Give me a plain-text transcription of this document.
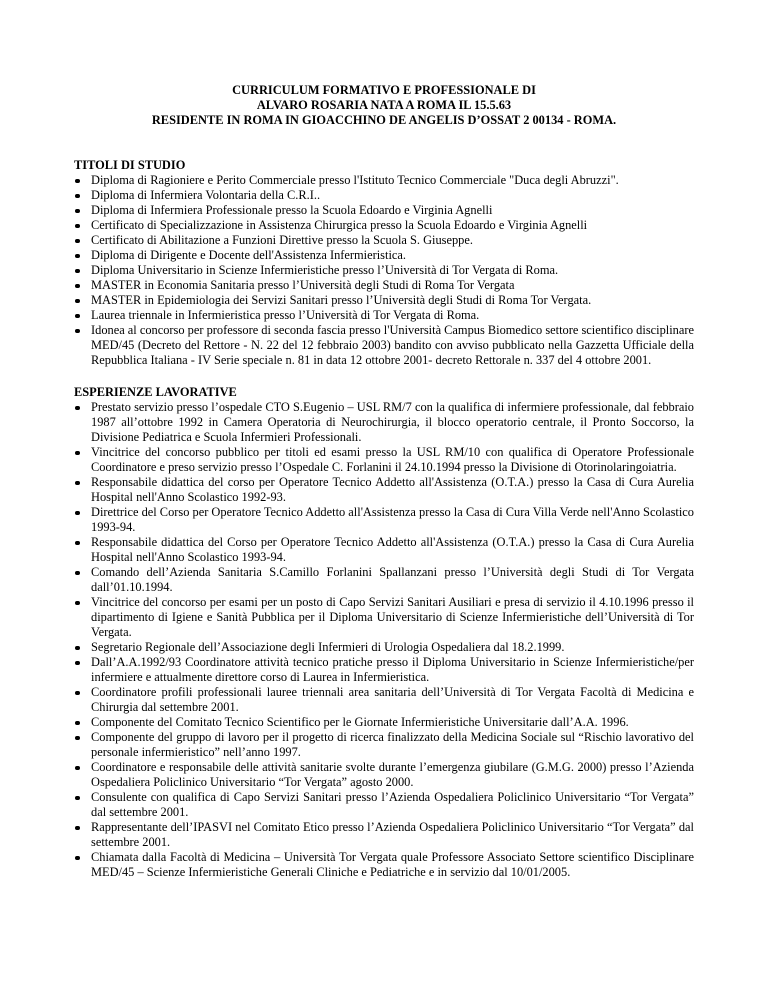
CURRICULUM FORMATIVO E PROFESSIONALE DI
ALVARO ROSARIA NATA A ROMA IL 15.5.63
RESIDENTE IN ROMA IN GIOACCHINO DE ANGELIS D’OSSAT 2 00134 - ROMA.
TITOLI DI STUDIO
Diploma di Ragioniere e Perito Commerciale presso l'Istituto Tecnico Commerciale "Duca degli Abruzzi".
Diploma di Infermiera Volontaria della C.R.I..
Diploma di Infermiera Professionale presso la Scuola Edoardo e Virginia Agnelli
Certificato di Specializzazione in Assistenza Chirurgica presso la Scuola Edoardo e Virginia Agnelli
Certificato di Abilitazione a Funzioni Direttive presso la Scuola S. Giuseppe.
Diploma di Dirigente e Docente dell'Assistenza Infermieristica.
Diploma Universitario in Scienze Infermieristiche presso l’Università di Tor Vergata di Roma.
MASTER in Economia Sanitaria presso l’Università degli Studi di Roma Tor Vergata
MASTER in Epidemiologia dei Servizi Sanitari presso l’Università degli Studi di Roma Tor Vergata.
Laurea triennale in Infermieristica presso l’Università di Tor Vergata di Roma.
Idonea al concorso per professore di seconda fascia presso l'Università Campus Biomedico settore scientifico disciplinare MED/45 (Decreto del Rettore - N. 22 del 12 febbraio 2003) bandito con avviso pubblicato nella Gazzetta Ufficiale della Repubblica Italiana - IV Serie speciale n. 81 in data 12 ottobre 2001- decreto Rettorale n. 337 del 4 ottobre 2001.
ESPERIENZE LAVORATIVE
Prestato servizio presso l’ospedale CTO S.Eugenio – USL RM/7 con la qualifica di infermiere professionale, dal febbraio 1987 all’ottobre 1992 in Camera Operatoria di Neurochirurgia, il blocco operatorio centrale, il Pronto Soccorso, la Divisione Pediatrica e Scuola Infermieri Professionali.
Vincitrice del concorso pubblico per titoli ed esami presso la USL RM/10 con qualifica di Operatore Professionale Coordinatore e preso servizio presso l’Ospedale C. Forlanini il 24.10.1994 presso la Divisione di Otorinolaringoiatria.
Responsabile didattica del corso per Operatore Tecnico Addetto all'Assistenza (O.T.A.) presso la Casa di Cura Aurelia Hospital nell'Anno Scolastico 1992-93.
Direttrice del Corso per Operatore Tecnico Addetto all'Assistenza presso la Casa di Cura Villa Verde nell'Anno Scolastico 1993-94.
Responsabile didattica del Corso per Operatore Tecnico Addetto all'Assistenza (O.T.A.) presso la Casa di Cura Aurelia Hospital nell'Anno Scolastico 1993-94.
Comando dell’Azienda Sanitaria S.Camillo Forlanini Spallanzani presso l’Università degli Studi di Tor Vergata dall’01.10.1994.
Vincitrice del concorso per esami per un posto di Capo Servizi Sanitari Ausiliari e presa di servizio il 4.10.1996 presso il dipartimento di Igiene e Sanità Pubblica per il Diploma Universitario di Scienze Infermieristiche dell’Università di Tor Vergata.
Segretario Regionale dell’Associazione degli Infermieri di Urologia Ospedaliera dal 18.2.1999.
Dall’A.A.1992/93 Coordinatore attività tecnico pratiche presso il Diploma Universitario in Scienze Infermieristiche/per infermiere e attualmente direttore corso di Laurea in Infermieristica.
Coordinatore profili professionali lauree triennali area sanitaria dell’Università di Tor Vergata Facoltà di Medicina e Chirurgia dal settembre 2001.
Componente del Comitato Tecnico Scientifico per le Giornate Infermieristiche Universitarie dall’A.A. 1996.
Componente del gruppo di lavoro per il progetto di ricerca finalizzato della Medicina Sociale sul “Rischio lavorativo del personale infermieristico” nell’anno 1997.
Coordinatore e responsabile delle attività sanitarie svolte durante l’emergenza giubilare (G.M.G. 2000) presso l’Azienda Ospedaliera Policlinico Universitario “Tor Vergata” agosto 2000.
Consulente con qualifica di Capo Servizi Sanitari presso l’Azienda Ospedaliera Policlinico Universitario “Tor Vergata” dal settembre 2001.
Rappresentante dell’IPASVI nel Comitato Etico presso l’Azienda Ospedaliera Policlinico Universitario “Tor Vergata” dal settembre 2001.
Chiamata dalla Facoltà di Medicina – Università Tor Vergata quale Professore Associato Settore scientifico Disciplinare MED/45 – Scienze Infermieristiche Generali Cliniche e Pediatriche e in servizio dal 10/01/2005.
